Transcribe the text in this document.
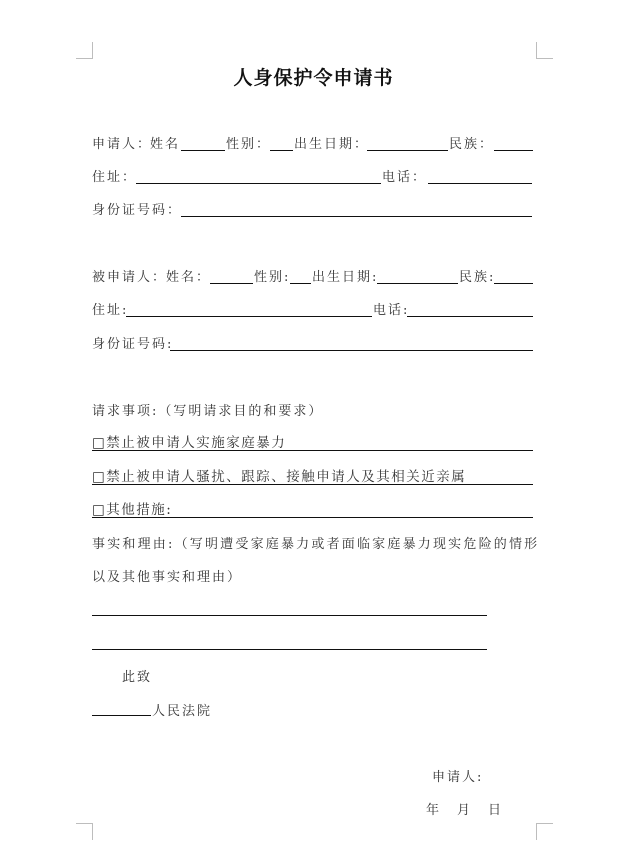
人身保护令申请书
申请人：
姓名	性别： 出生日期：	民族：
住址：	电话：
身份证号码：
被申请人：
姓名：	性别: 出生日期:	民族:
住址:	电话:
身份证号码:
请求事项:（写明请求目的和要求）
□禁止被申请人实施家庭暴力
□禁止被申请人骚扰、跟踪、接触申请人及其相关近亲属
□其他措施:
事实和理由:（写明遭受家庭暴力或者面临家庭暴力现实危险的情形
以及其他事实和理由）
此致
人民法院
申请人:
年 月 日
